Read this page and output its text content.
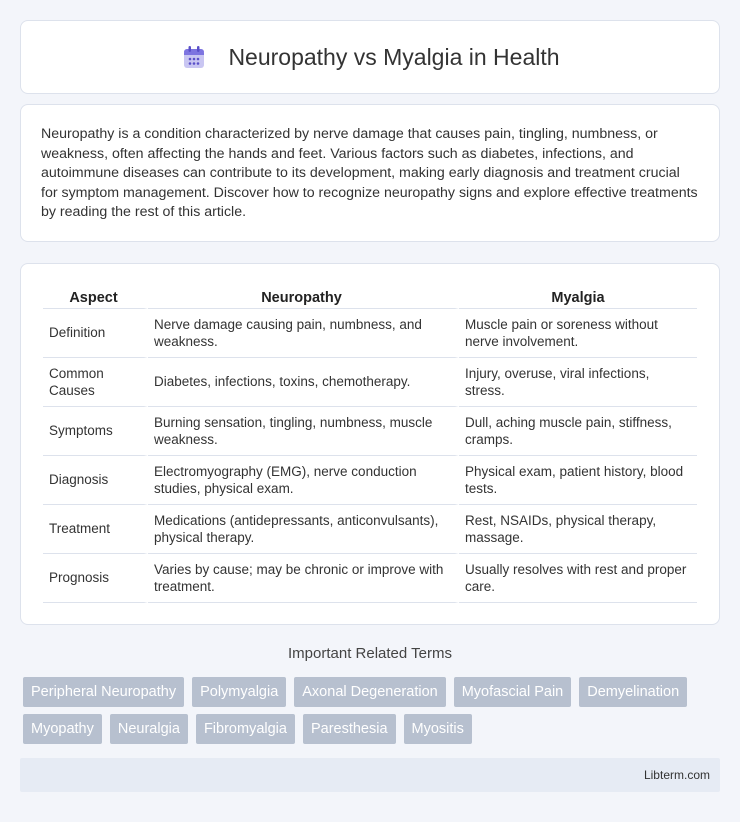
Neuropathy vs Myalgia in Health

Neuropathy is a condition characterized by nerve damage that causes pain, tingling, numbness, or weakness, often affecting the hands and feet. Various factors such as diabetes, infections, and autoimmune diseases can contribute to its development, making early diagnosis and treatment crucial for symptom management. Discover how to recognize neuropathy signs and explore effective treatments by reading the rest of this article.

Aspect	Neuropathy	Myalgia
Definition	Nerve damage causing pain, numbness, and weakness.	Muscle pain or soreness without nerve involvement.
Common Causes	Diabetes, infections, toxins, chemotherapy.	Injury, overuse, viral infections, stress.
Symptoms	Burning sensation, tingling, numbness, muscle weakness.	Dull, aching muscle pain, stiffness, cramps.
Diagnosis	Electromyography (EMG), nerve conduction studies, physical exam.	Physical exam, patient history, blood tests.
Treatment	Medications (antidepressants, anticonvulsants), physical therapy.	Rest, NSAIDs, physical therapy, massage.
Prognosis	Varies by cause; may be chronic or improve with treatment.	Usually resolves with rest and proper care.
Important Related Terms
Peripheral Neuropathy	Polymyalgia	Axonal Degeneration	Myofascial Pain	Demyelination
Myopathy	Neuralgia	Fibromyalgia	Paresthesia	Myositis
Libterm.com
